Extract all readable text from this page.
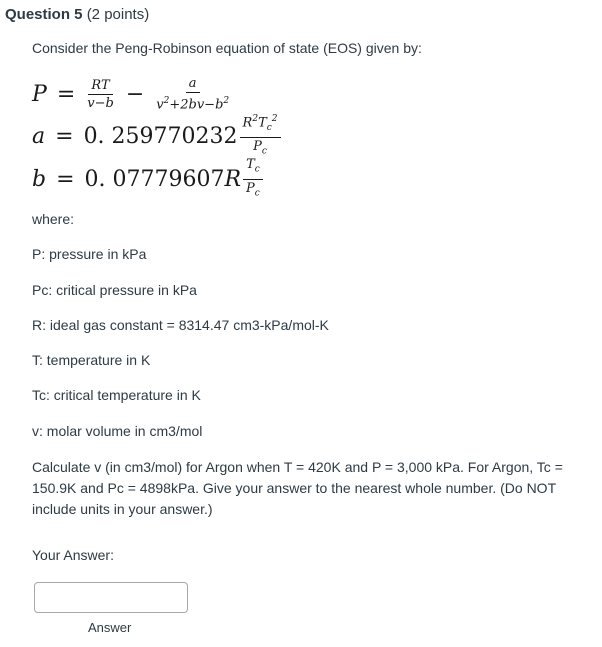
Question 5 (2 points)
Consider the Peng-Robinson equation of state (EOS) given by:
$P = \frac{RT}{v-b} - \frac{a}{v^2+2bv-b^2}$
a = 0. $259770232 \frac{R^2T_c^2}{P_c}$
b = 0. 07779607 R $\frac{T_c}{P_c}$
where:
P: pressure in kPa
Pc: critical pressure in kPa
R: ideal gas constant = 8314.47 cm3-kPa/mol-K
T: temperature in K
Tc: critical temperature in K
v: molar volume in cm3/mol
Calculate v (in cm3/mol) for Argon when T = 420K and P = 3,000 kPa. For Argon, Tc = 150.9K and Pc = 4898kPa. Give your answer to the nearest whole number. (Do NOT include units in your answer.)
Your Answer:
Answer
